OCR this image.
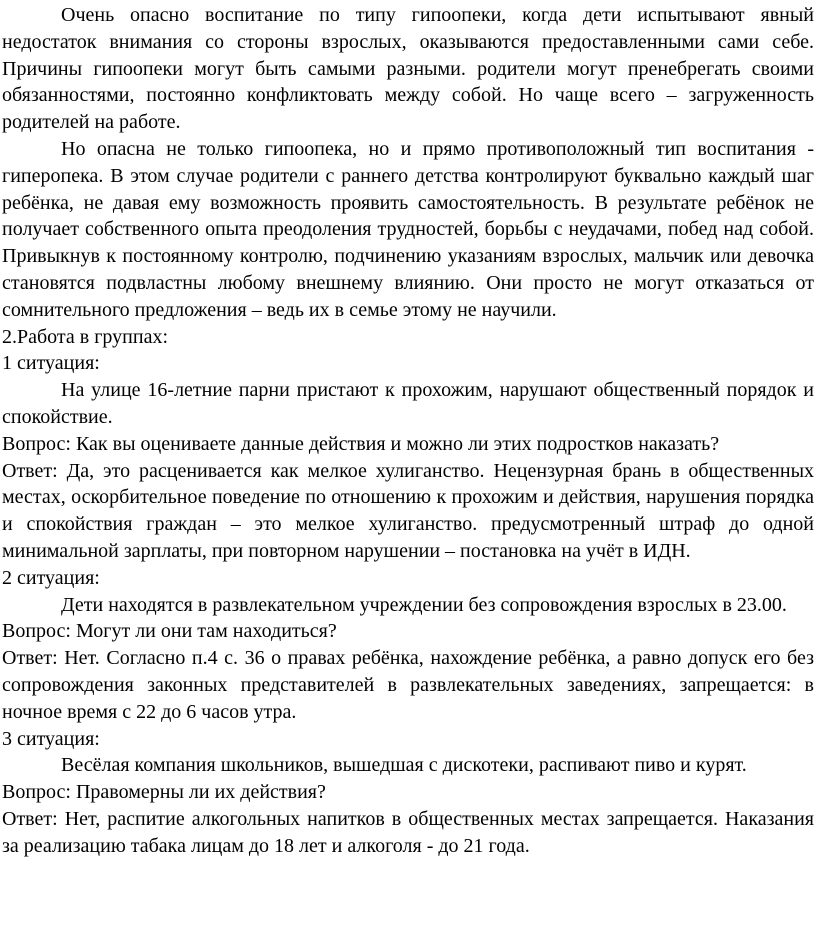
Очень опасно воспитание по типу гипоопеки, когда дети испытывают явный недостаток внимания со стороны взрослых, оказываются предоставленными сами себе. Причины гипоопеки могут быть самыми разными. родители могут пренебрегать своими обязанностями, постоянно конфликтовать между собой. Но чаще всего – загруженность родителей на работе.

Но опасна не только гипоопека, но и прямо противоположный тип воспитания - гиперопека. В этом случае родители с раннего детства контролируют буквально каждый шаг ребёнка, не давая ему возможность проявить самостоятельность. В результате ребёнок не получает собственного опыта преодоления трудностей, борьбы с неудачами, побед над собой. Привыкнув к постоянному контролю, подчинению указаниям взрослых, мальчик или девочка становятся подвластны любому внешнему влиянию. Они просто не могут отказаться от сомнительного предложения – ведь их в семье этому не научили.

2.Работа в группах:

1 ситуация:

На улице 16-летние парни пристают к прохожим, нарушают общественный порядок и спокойствие.

Вопрос: Как вы оцениваете данные действия и можно ли этих подростков наказать?

Ответ: Да, это расценивается как мелкое хулиганство. Нецензурная брань в общественных местах, оскорбительное поведение по отношению к прохожим и действия, нарушения порядка и спокойствия граждан – это мелкое хулиганство. предусмотренный штраф до одной минимальной зарплаты, при повторном нарушении – постановка на учёт в ИДН.

2 ситуация:

Дети находятся в развлекательном учреждении без сопровождения взрослых в 23.00.

Вопрос: Могут ли они там находиться?

Ответ: Нет. Согласно п.4 с. 36 о правах ребёнка, нахождение ребёнка, а равно допуск его без сопровождения законных представителей в развлекательных заведениях, запрещается: в ночное время с 22 до 6 часов утра.

3 ситуация:

Весёлая компания школьников, вышедшая с дискотеки, распивают пиво и курят.

Вопрос: Правомерны ли их действия?

Ответ: Нет, распитие алкогольных напитков в общественных местах запрещается. Наказания за реализацию табака лицам до 18 лет и алкоголя - до 21 года.
